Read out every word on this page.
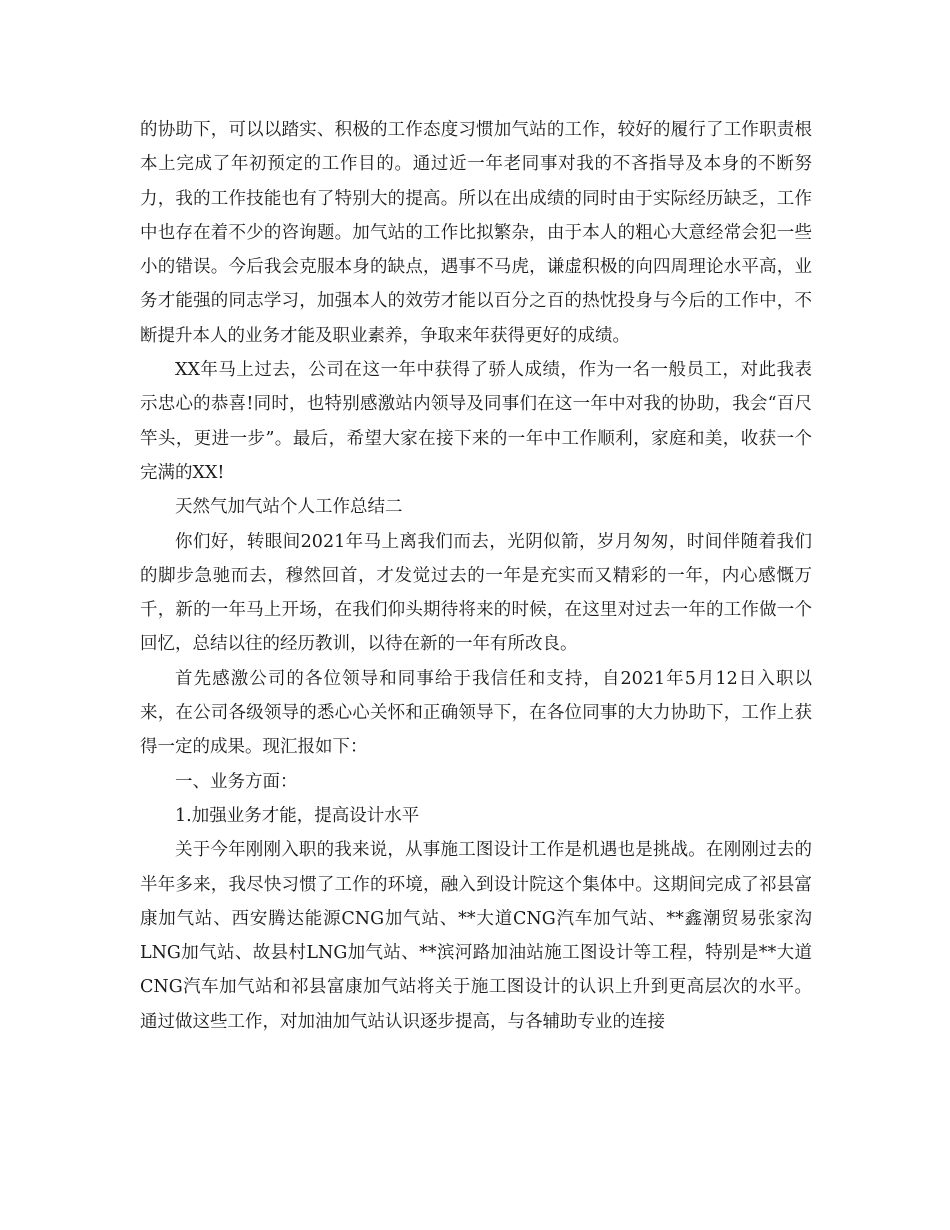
的协助下，可以以踏实、积极的工作态度习惯加气站的工作，较好的履行了工作职责根本上完成了年初预定的工作目的。通过近一年老同事对我的不吝指导及本身的不断努力，我的工作技能也有了特别大的提高。所以在出成绩的同时由于实际经历缺乏，工作中也存在着不少的咨询题。加气站的工作比拟繁杂，由于本人的粗心大意经常会犯一些小的错误。今后我会克服本身的缺点，遇事不马虎，谦虚积极的向四周理论水平高，业务才能强的同志学习，加强本人的效劳才能以百分之百的热忱投身与今后的工作中，不断提升本人的业务才能及职业素养，争取来年获得更好的成绩。

XX年马上过去，公司在这一年中获得了骄人成绩，作为一名一般员工，对此我表示忠心的恭喜!同时，也特别感激站内领导及同事们在这一年中对我的协助，我会“百尺竿头，更进一步”。最后，希望大家在接下来的一年中工作顺利，家庭和美，收获一个完满的XX!

天然气加气站个人工作总结二

你们好，转眼间2021年马上离我们而去，光阴似箭，岁月匆匆，时间伴随着我们的脚步急驰而去，穆然回首，才发觉过去的一年是充实而又精彩的一年，内心感慨万千，新的一年马上开场，在我们仰头期待将来的时候，在这里对过去一年的工作做一个回忆，总结以往的经历教训，以待在新的一年有所改良。

首先感激公司的各位领导和同事给于我信任和支持，自2021年5月12日入职以来，在公司各级领导的悉心心关怀和正确领导下，在各位同事的大力协助下，工作上获得一定的成果。现汇报如下：

一、业务方面：

1.加强业务才能，提高设计水平

关于今年刚刚入职的我来说，从事施工图设计工作是机遇也是挑战。在刚刚过去的半年多来，我尽快习惯了工作的环境，融入到设计院这个集体中。这期间完成了祁县富康加气站、西安腾达能源CNG加气站、**大道CNG汽车加气站、**鑫潮贸易张家沟LNG加气站、故县村LNG加气站、**滨河路加油站施工图设计等工程，特别是**大道CNG汽车加气站和祁县富康加气站将关于施工图设计的认识上升到更高层次的水平。通过做这些工作，对加油加气站认识逐步提高，与各辅助专业的连接
